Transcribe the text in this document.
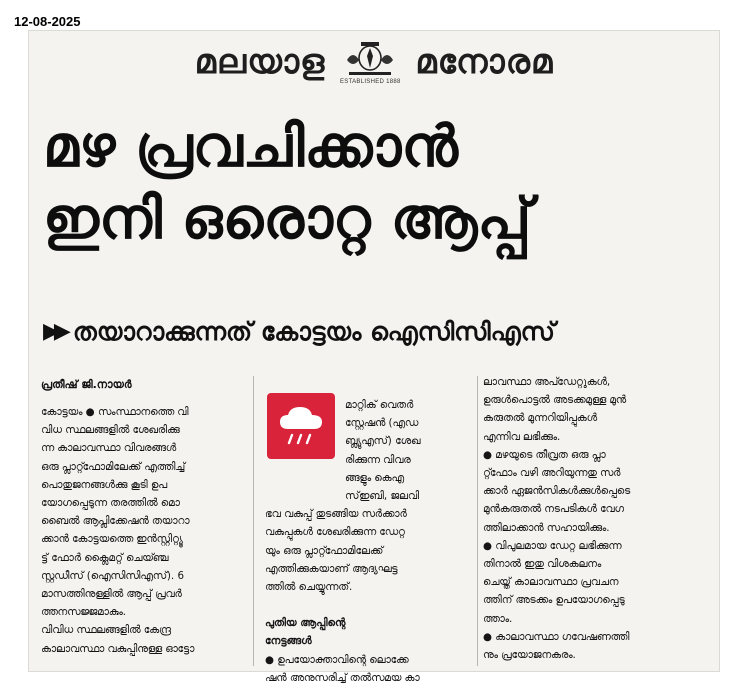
12-08-2025
മലയാള ESTABLISHED 1888 മനോരമ
മഴ പ്രവചിക്കാൻ
ഇനി ഒരൊറ്റ ആപ്പ്
▶▶ തയാറാക്കുന്നത് കോട്ടയം ഐസിസിഎസ്
പ്രതീഷ് ജി.നായർ

കോട്ടയം ● സംസ്ഥാനത്തെ വി

വിധ സ്ഥലങ്ങളിൽ ശേഖരിക്കു

ന്ന കാലാവസ്ഥാ വിവരങ്ങൾ

ഒരു പ്ലാറ്റ്ഫോമിലേക്ക് എത്തിച്ച്

പൊതുജനങ്ങൾക്കു കൂടി ഉപ

യോഗപ്പെടുന്ന തരത്തിൽ മൊ

ബൈൽ ആപ്ലിക്കേഷൻ തയാറാ

ക്കാൻ കോട്ടയത്തെ ഇൻസ്റ്റിറ്റ്യൂ

ട്ട് ഫോർ ക്ലൈമറ്റ് ചെയ്ഞ്ച

സ്റ്റഡീസ് (ഐസിസിഎസ്). 6

മാസത്തിനുള്ളിൽ ആപ്പ് പ്രവർ

ത്തനസജ്ജമാകും.

വിവിധ സ്ഥലങ്ങളിൽ കേന്ദ്ര

കാലാവസ്ഥാ വകുപ്പിനുള്ള ഓട്ടോ

മാറ്റിക് വെതർ

സ്റ്റേഷൻ (എഡ

ബ്ല്യുഎസ്) ശേഖ

രിക്കുന്ന വിവര

ങ്ങളും കെഎ

സ്ഇബി, ജലവി

ഭവ വകുപ്പ് തുടങ്ങിയ സർക്കാർ

വകുപ്പുകൾ ശേഖരിക്കുന്ന ഡേറ്റ

യും ഒരു പ്ലാറ്റ്ഫോമിലേക്ക്

എത്തിക്കുകയാണ് ആദ്യഘട്ട

ത്തിൽ ചെയ്യുന്നത്.

പുതിയ ആപ്പിന്റെ

നേട്ടങ്ങൾ

● ഉപയോക്താവിന്റെ ലൊക്കേ

ഷൻ അനുസരിച്ച് തൽസമയ കാ

ലാവസ്ഥാ അപ്ഡേറ്റുകൾ,

ഉരുൾപൊട്ടൽ അടക്കമുള്ള മുൻ

കരുതൽ മുന്നറിയിപ്പുകൾ

എന്നിവ ലഭിക്കും.

● മഴയുടെ തീവ്രത ഒരു പ്ലാ

റ്റ്ഫോം വഴി അറിയുന്നതു സർ

ക്കാർ ഏജൻസികൾക്കുൾപ്പെടെ

മുൻകരുതൽ നടപടികൾ വേഗ

ത്തിലാക്കാൻ സഹായിക്കും.

● വിപുലമായ ഡേറ്റ ലഭിക്കുന്ന

തിനാൽ ഇതു വിശകലനം

ചെയ്ത് കാലാവസ്ഥാ പ്രവചന

ത്തിന് അടക്കം ഉപയോഗപ്പെടു

ത്താം.

● കാലാവസ്ഥാ ഗവേഷണത്തി

നും പ്രയോജനകരം.
